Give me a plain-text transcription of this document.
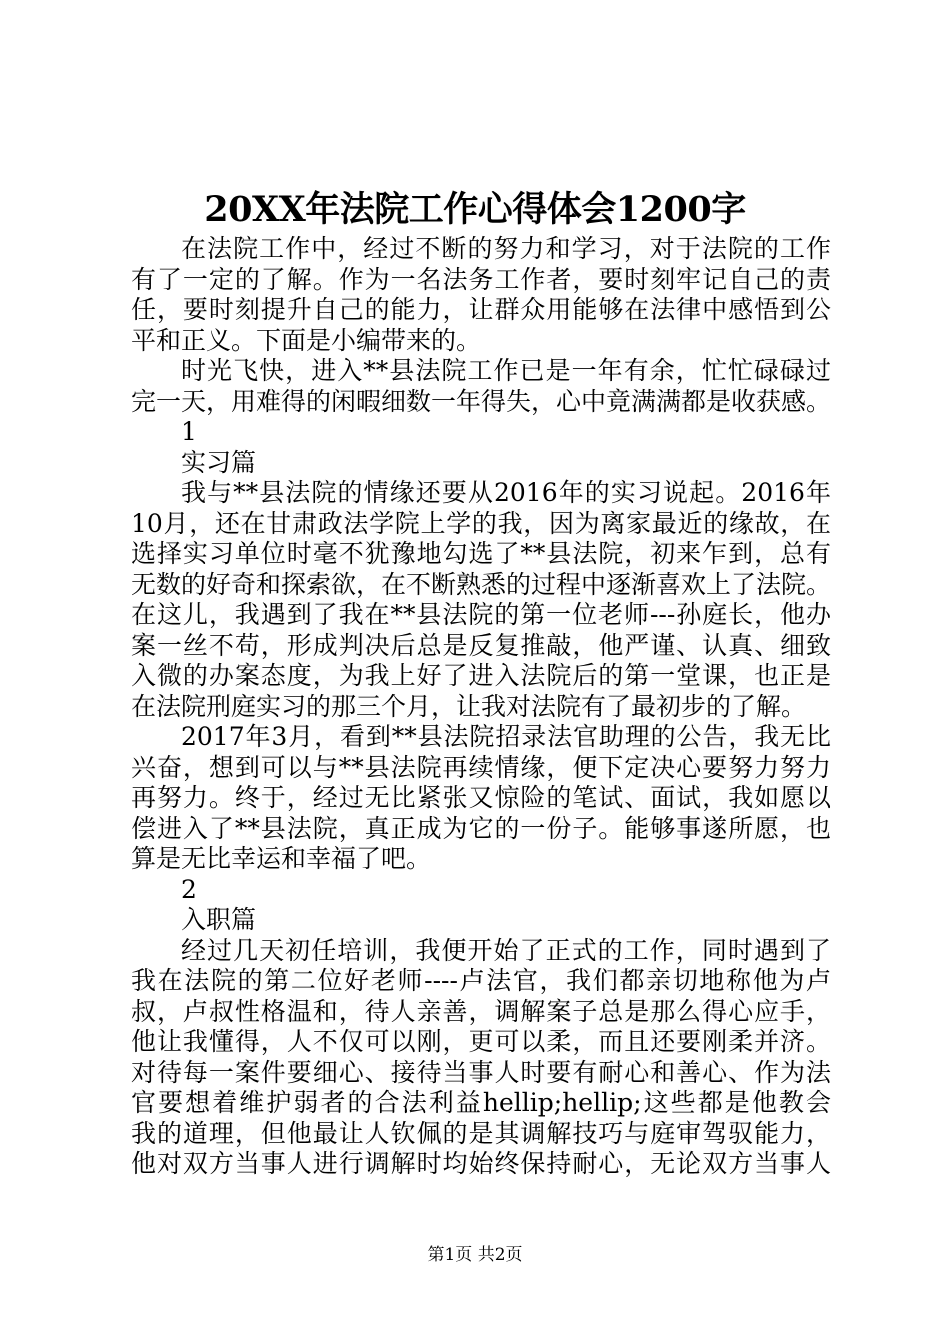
20XX年法院工作心得体会1200字
在法院工作中，经过不断的努力和学习，对于法院的工作
有了一定的了解。作为一名法务工作者，要时刻牢记自己的责
任，要时刻提升自己的能力，让群众用能够在法律中感悟到公
平和正义。下面是小编带来的。
时光飞快，进入**县法院工作已是一年有余，忙忙碌碌过
完一天，用难得的闲暇细数一年得失，心中竟满满都是收获感。
1
实习篇
我与**县法院的情缘还要从2016年的实习说起。2016年
10月，还在甘肃政法学院上学的我，因为离家最近的缘故，在
选择实习单位时毫不犹豫地勾选了**县法院，初来乍到，总有
无数的好奇和探索欲，在不断熟悉的过程中逐渐喜欢上了法院。
在这儿，我遇到了我在**县法院的第一位老师---孙庭长，他办
案一丝不苟，形成判决后总是反复推敲，他严谨、认真、细致
入微的办案态度，为我上好了进入法院后的第一堂课，也正是
在法院刑庭实习的那三个月，让我对法院有了最初步的了解。
2017年3月，看到**县法院招录法官助理的公告，我无比
兴奋，想到可以与**县法院再续情缘，便下定决心要努力努力
再努力。终于，经过无比紧张又惊险的笔试、面试，我如愿以
偿进入了**县法院，真正成为它的一份子。能够事遂所愿，也
算是无比幸运和幸福了吧。
2
入职篇
经过几天初任培训，我便开始了正式的工作，同时遇到了
我在法院的第二位好老师----卢法官，我们都亲切地称他为卢
叔，卢叔性格温和，待人亲善，调解案子总是那么得心应手，
他让我懂得，人不仅可以刚，更可以柔，而且还要刚柔并济。
对待每一案件要细心、接待当事人时要有耐心和善心、作为法
官要想着维护弱者的合法利益hellip;hellip;这些都是他教会
我的道理，但他最让人钦佩的是其调解技巧与庭审驾驭能力，
他对双方当事人进行调解时均始终保持耐心，无论双方当事人
第1页 共2页
